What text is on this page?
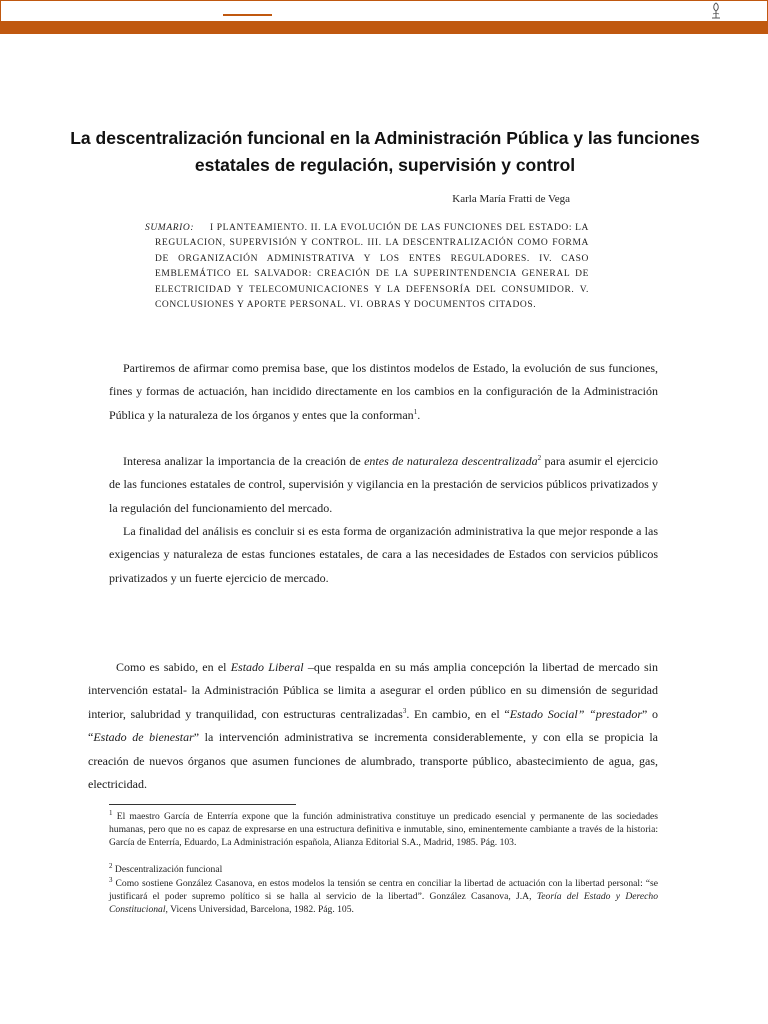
La descentralización funcional en la Administración Pública y las funciones estatales de regulación, supervisión y control
Karla María Fratti de Vega
SUMARIO:	I PLANTEAMIENTO. II. LA EVOLUCIÓN DE LAS FUNCIONES DEL ESTADO: LA REGULACION, SUPERVISIÓN Y CONTROL. III. LA DESCENTRALIZACIÓN COMO FORMA DE ORGANIZACIÓN ADMINISTRATIVA Y LOS ENTES REGULADORES. IV. CASO EMBLEMÁTICO EL SALVADOR: CREACIÓN DE LA SUPERINTENDENCIA GENERAL DE ELECTRICIDAD Y TELECOMUNICACIONES Y LA DEFENSORÍA DEL CONSUMIDOR. V. CONCLUSIONES Y APORTE PERSONAL. VI. OBRAS Y DOCUMENTOS CITADOS.
Partiremos de afirmar como premisa base, que los distintos modelos de Estado, la evolución de sus funciones, fines y formas de actuación, han incidido directamente en los cambios en la configuración de la Administración Pública y la naturaleza de los órganos y entes que la conforman$^1$.
Interesa analizar la importancia de la creación de entes de naturaleza descentralizada$^2$ para asumir el ejercicio de las funciones estatales de control, supervisión y vigilancia en la prestación de servicios públicos privatizados y la regulación del funcionamiento del mercado.
La finalidad del análisis es concluir si es esta forma de organización administrativa la que mejor responde a las exigencias y naturaleza de estas funciones estatales, de cara a las necesidades de Estados con servicios públicos privatizados y un fuerte ejercicio de mercado.
Como es sabido, en el Estado Liberal –que respalda en su más amplia concepción la libertad de mercado sin intervención estatal- la Administración Pública se limita a asegurar el orden público en su dimensión de seguridad interior, salubridad y tranquilidad, con estructuras centralizadas$^3$. En cambio, en el “Estado Social” “prestador” o “Estado de bienestar” la intervención administrativa se incrementa considerablemente, y con ella se propicia la creación de nuevos órganos que asumen funciones de alumbrado, transporte público, abastecimiento de agua, gas, electricidad.
$^1$ El maestro García de Enterría expone que la función administrativa constituye un predicado esencial y permanente de las sociedades humanas, pero que no es capaz de expresarse en una estructura definitiva e inmutable, sino, eminentemente cambiante a través de la historia: García de Enterría, Eduardo, La Administración española, Alianza Editorial S.A., Madrid, 1985. Pág. 103.
$^2$ Descentralización funcional
$^3$ Como sostiene González Casanova, en estos modelos la tensión se centra en conciliar la libertad de actuación con la libertad personal: “se justificará el poder supremo político si se halla al servicio de la libertad”. González Casanova, J.A, Teoría del Estado y Derecho Constitucional, Vicens Universidad, Barcelona, 1982. Pág. 105.
